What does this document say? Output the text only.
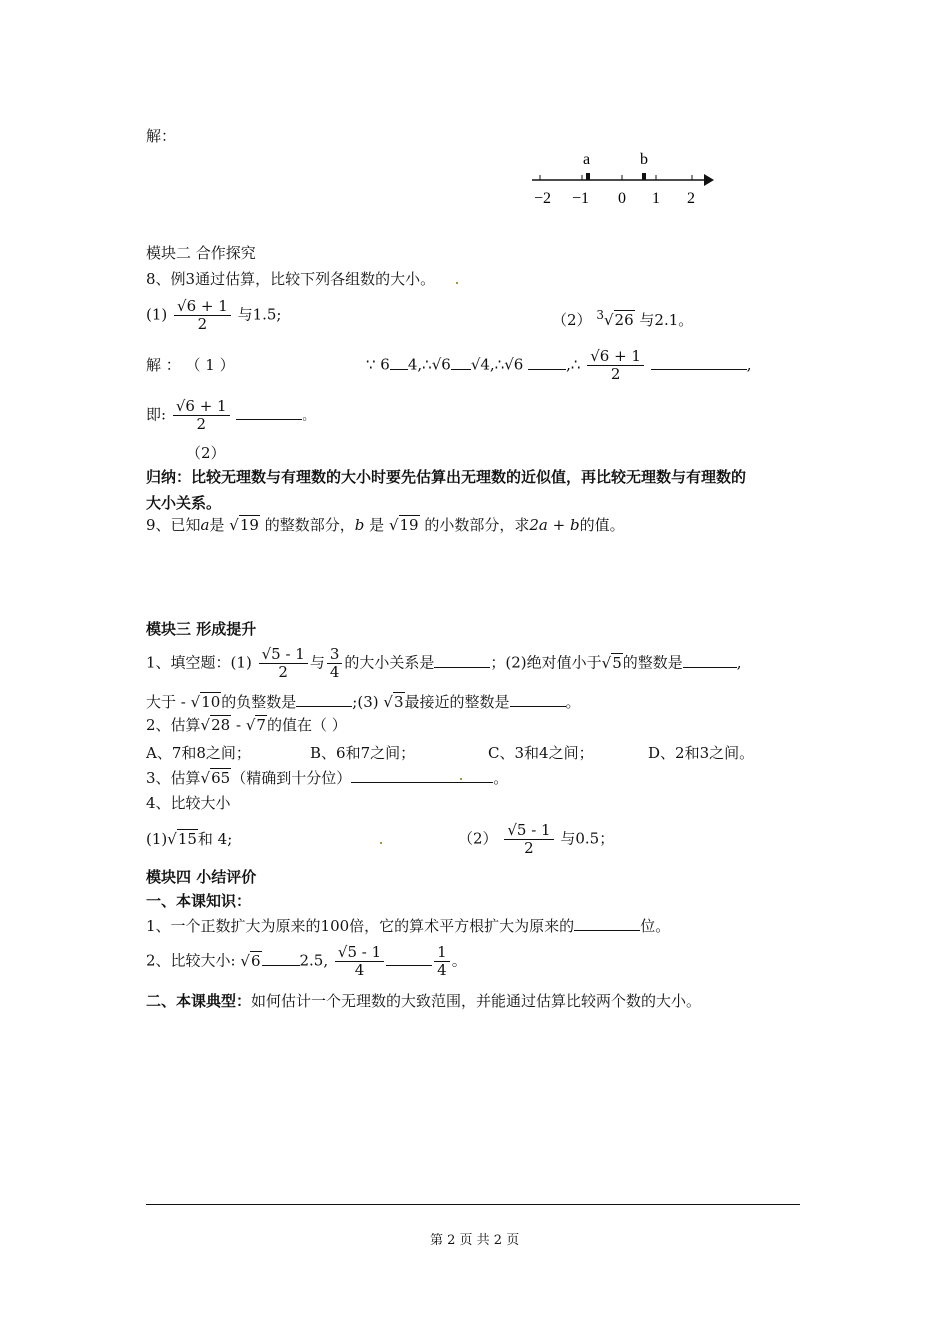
解：
a	b
−2 −1 0 1 2
模块二 合作探究
8、例3通过估算，比较下列各组数的大小。
$(1) \frac{√6 + 1}{2}$ 与1.5;	（2） $^3$√26 与2.1。
解 ： （ 1 ）	∵ 6 4,∴√6 √4,∴√6	,∴ $\frac{√6 + 1}{2}$	,
即: $\frac{√6 + 1}{2}$	。
（2）
归纳：比较无理数与有理数的大小时要先估算出无理数的近似值，再比较无理数与有理数的
大小关系。
9、已知a是 √19 的整数部分，b 是 √19 的小数部分，求2a + b的值。
模块三 形成提升
1、填空题：$(1) \frac{√5 - 1}{2}$ 与 $\frac{3}{4}$ 的大小关系是	；(2)绝对值小于√5的整数是	,
大于 - √10的负整数是	;(3) √3最接近的整数是	。
2、估算√28 - √7的值在（ ）
A、7和8之间；	B、6和7之间；	C、3和4之间；	D、2和3之间。
3、估算√65（精确到十分位）	。
4、比较大小
(1)√15和 4;	$(2) \frac{√5 - 1}{2}$ 与0.5；
模块四 小结评价
一、本课知识：
1、一个正数扩大为原来的100倍，它的算术平方根扩大为原来的	位。
2、比较大小: √6	2.5, $\frac{√5 - 1}{4}$	$\frac{1}{4}$ 。
二、本课典型：如何估计一个无理数的大致范围，并能通过估算比较两个数的大小。
第 2 页 共 2 页
